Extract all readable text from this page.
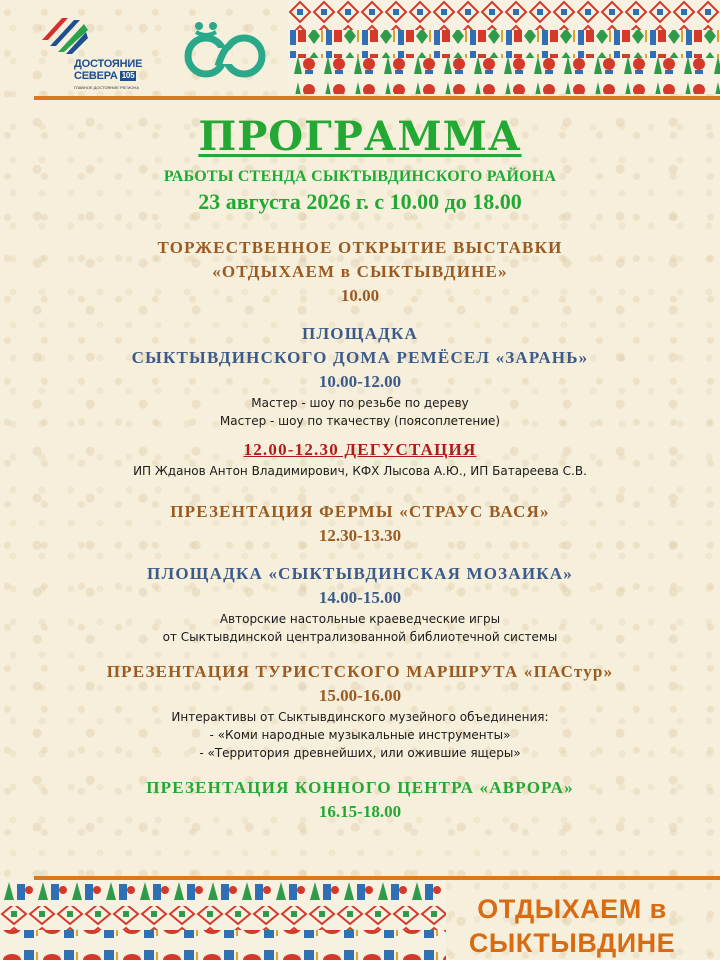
ДОСТОЯНИЕ
СЕВЕРА 105
ГЛАВНОЕ ДОСТОЯНИЕ РЕГИОНА
ПРОГРАММА
РАБОТЫ СТЕНДА СЫКТЫВДИНСКОГО РАЙОНА
23 августа 2026 г. с 10.00 до 18.00
ТОРЖЕСТВЕННОЕ ОТКРЫТИЕ ВЫСТАВКИ
«ОТДЫХАЕМ в СЫКТЫВДИНЕ»
10.00
ПЛОЩАДКА
СЫКТЫВДИНСКОГО ДОМА РЕМЁСЕЛ «ЗАРАНЬ»
10.00-12.00
Мастер - шоу по резьбе по дереву
Мастер - шоу по ткачеству (поясоплетение)
12.00-12.30 ДЕГУСТАЦИЯ
ИП Жданов Антон Владимирович, КФХ Лысова А.Ю., ИП Батареева С.В.
ПРЕЗЕНТАЦИЯ ФЕРМЫ «СТРАУС ВАСЯ»
12.30-13.30
ПЛОЩАДКА «СЫКТЫВДИНСКАЯ МОЗАИКА»
14.00-15.00
Авторские настольные краеведческие игры
от Сыктывдинской централизованной библиотечной системы
ПРЕЗЕНТАЦИЯ ТУРИСТСКОГО МАРШРУТА «ПАСтур»
15.00-16.00
Интерактивы от Сыктывдинского музейного объединения:
- «Коми народные музыкальные инструменты»
- «Территория древнейших, или ожившие ящеры»
ПРЕЗЕНТАЦИЯ КОННОГО ЦЕНТРА «АВРОРА»
16.15-18.00
ОТДЫХАЕМ в
СЫКТЫВДИНЕ
